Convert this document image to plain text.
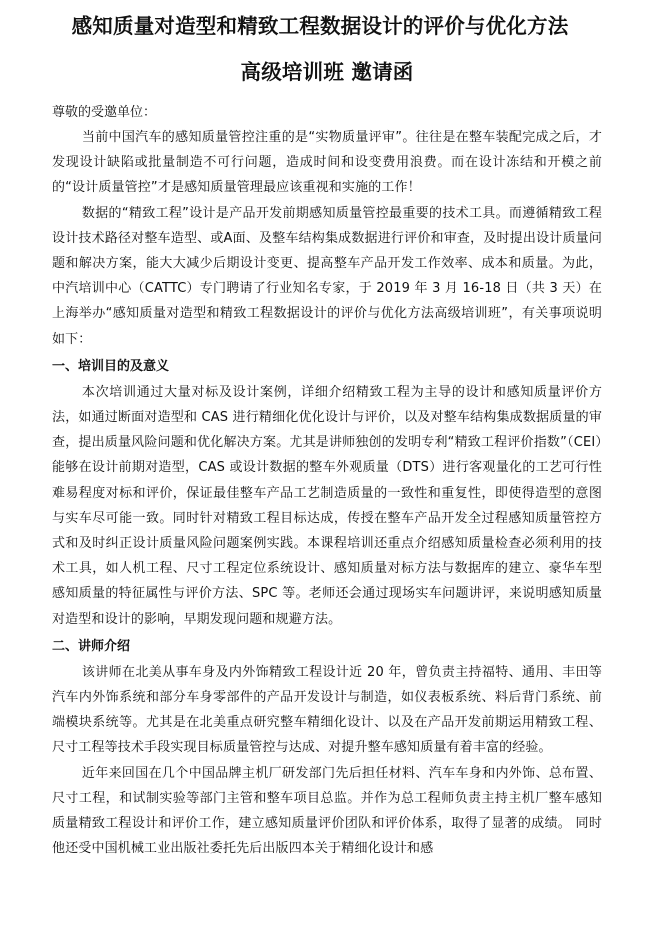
感知质量对造型和精致工程数据设计的评价与优化方法
高级培训班 邀请函
尊敬的受邀单位：

当前中国汽车的感知质量管控注重的是“实物质量评审”。往往是在整车装配完成之后，才发现设计缺陷或批量制造不可行问题，造成时间和设变费用浪费。而在设计冻结和开模之前的“设计质量管控”才是感知质量管理最应该重视和实施的工作！

数据的“精致工程”设计是产品开发前期感知质量管控最重要的技术工具。而遵循精致工程设计技术路径对整车造型、或A面、及整车结构集成数据进行评价和审查，及时提出设计质量问题和解决方案，能大大减少后期设计变更、提高整车产品开发工作效率、成本和质量。为此，中汽培训中心（CATTC）专门聘请了行业知名专家，于 2019 年 3 月 16-18 日（共 3 天）在上海举办“感知质量对造型和精致工程数据设计的评价与优化方法高级培训班”，有关事项说明如下：

一、培训目的及意义

本次培训通过大量对标及设计案例，详细介绍精致工程为主导的设计和感知质量评价方法，如通过断面对造型和 CAS 进行精细化优化设计与评价，以及对整车结构集成数据质量的审查，提出质量风险问题和优化解决方案。尤其是讲师独创的发明专利“精致工程评价指数”（CEI）能够在设计前期对造型，CAS 或设计数据的整车外观质量（DTS）进行客观量化的工艺可行性难易程度对标和评价，保证最佳整车产品工艺制造质量的一致性和重复性，即使得造型的意图与实车尽可能一致。同时针对精致工程目标达成，传授在整车产品开发全过程感知质量管控方式和及时纠正设计质量风险问题案例实践。本课程培训还重点介绍感知质量检查必须利用的技术工具，如人机工程、尺寸工程定位系统设计、感知质量对标方法与数据库的建立、豪华车型感知质量的特征属性与评价方法、SPC 等。老师还会通过现场实车问题讲评，来说明感知质量对造型和设计的影响，早期发现问题和规避方法。

二、讲师介绍

该讲师在北美从事车身及内外饰精致工程设计近 20 年，曾负责主持福特、通用、丰田等汽车内外饰系统和部分车身零部件的产品开发设计与制造，如仪表板系统、料后背门系统、前端模块系统等。尤其是在北美重点研究整车精细化设计、以及在产品开发前期运用精致工程、尺寸工程等技术手段实现目标质量管控与达成、对提升整车感知质量有着丰富的经验。

近年来回国在几个中国品牌主机厂研发部门先后担任材料、汽车车身和内外饰、总布置、尺寸工程，和试制实验等部门主管和整车项目总监。并作为总工程师负责主持主机厂整车感知质量精致工程设计和评价工作，建立感知质量评价团队和评价体系，取得了显著的成绩。 同时他还受中国机械工业出版社委托先后出版四本关于精细化设计和感
